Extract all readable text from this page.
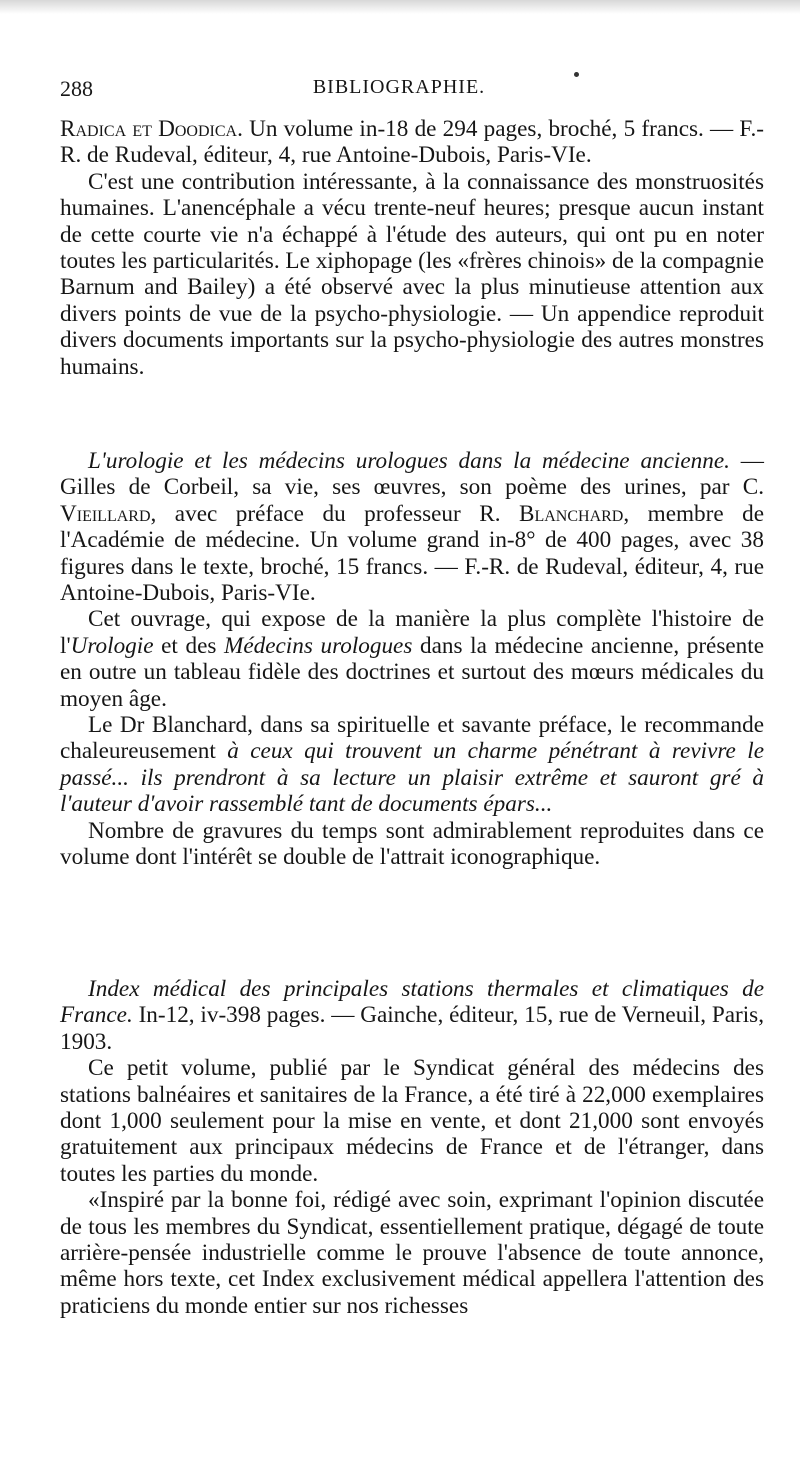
288	BIBLIOGRAPHIE.

Radica et Doodica. Un volume in-18 de 294 pages, broché, 5 francs. — F.-R. de Rudeval, éditeur, 4, rue Antoine-Dubois, Paris-VIe.

C'est une contribution intéressante, à la connaissance des monstruosités humaines. L'anencéphale a vécu trente-neuf heures; presque aucun instant de cette courte vie n'a échappé à l'étude des auteurs, qui ont pu en noter toutes les particularités. Le xiphopage (les «frères chinois» de la compagnie Barnum and Bailey) a été observé avec la plus minutieuse attention aux divers points de vue de la psycho-physiologie. — Un appendice reproduit divers documents importants sur la psycho-physiologie des autres monstres humains.

L'urologie et les médecins urologues dans la médecine ancienne. — Gilles de Corbeil, sa vie, ses œuvres, son poème des urines, par C. Vieillard, avec préface du professeur R. Blanchard, membre de l'Académie de médecine. Un volume grand in-8° de 400 pages, avec 38 figures dans le texte, broché, 15 francs. — F.-R. de Rudeval, éditeur, 4, rue Antoine-Dubois, Paris-VIe.

Cet ouvrage, qui expose de la manière la plus complète l'histoire de l'Urologie et des Médecins urologues dans la médecine ancienne, présente en outre un tableau fidèle des doctrines et surtout des mœurs médicales du moyen âge.

Le Dr Blanchard, dans sa spirituelle et savante préface, le recommande chaleureusement à ceux qui trouvent un charme pénétrant à revivre le passé... ils prendront à sa lecture un plaisir extrême et sauront gré à l'auteur d'avoir rassemblé tant de documents épars...

Nombre de gravures du temps sont admirablement reproduites dans ce volume dont l'intérêt se double de l'attrait iconographique.

Index médical des principales stations thermales et climatiques de France. In-12, iv-398 pages. — Gainche, éditeur, 15, rue de Verneuil, Paris, 1903.

Ce petit volume, publié par le Syndicat général des médecins des stations balnéaires et sanitaires de la France, a été tiré à 22,000 exemplaires dont 1,000 seulement pour la mise en vente, et dont 21,000 sont envoyés gratuitement aux principaux médecins de France et de l'étranger, dans toutes les parties du monde.

«Inspiré par la bonne foi, rédigé avec soin, exprimant l'opinion discutée de tous les membres du Syndicat, essentiellement pratique, dégagé de toute arrière-pensée industrielle comme le prouve l'absence de toute annonce, même hors texte, cet Index exclusivement médical appellera l'attention des praticiens du monde entier sur nos richesses
